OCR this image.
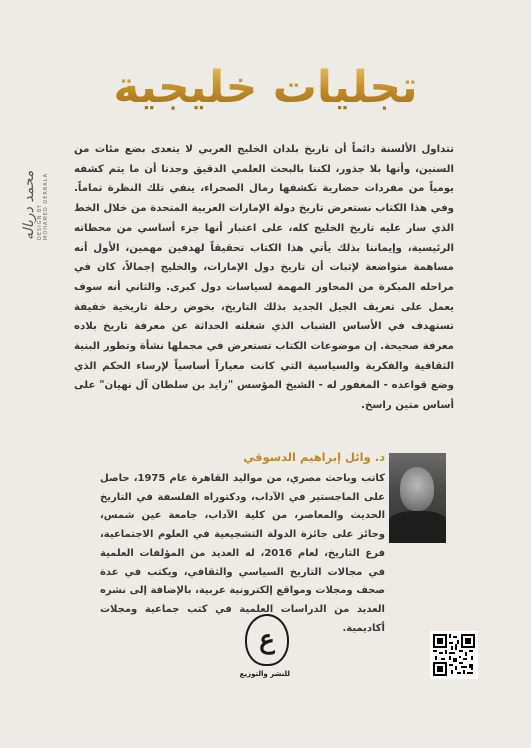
تجليات خليجية
محمد درباله DESIGN BY MOHAMED DERBALA

تتداول الألسنة دائماً أن تاريخ بلدان الخليج العربي لا يتعدى بضع مئات من السنين، وأنها بلا جذور، لكننا بالبحث العلمي الدقيق وجدنا أن ما يتم كشفه يومياً من مفردات حضارية تكشفها رمال الصحراء، ينفي تلك النظرة تماماً. وفي هذا الكتاب نستعرض تاريخ دولة الإمارات العربية المتحدة من خلال الخط الذي سار عليه تاريخ الخليج كله، على اعتبار أنها جزء أساسي من محطاته الرئيسية، وإيماننا بذلك يأتي هذا الكتاب تحقيقاً لهدفين مهمين، الأول أنه مساهمة متواضعة لإثبات أن تاريخ دول الإمارات، والخليج إجمالاً، كان في مراحله المبكرة من المحاور المهمة لسياسات دول كبرى. والثاني أنه سوف يعمل على تعريف الجيل الجديد بذلك التاريخ، بخوض رحلة تاريخية خفيفة تستهدف في الأساس الشباب الذي شغلته الحداثة عن معرفة تاريخ بلاده معرفة صحيحة. إن موضوعات الكتاب تستعرض في مجملها نشأة وتطور البنية الثقافية والفكرية والسياسية التي كانت معياراً أساسياً لإرساء الحكم الذي وضع قواعده - المغفور له - الشيخ المؤسس "زايد بن سلطان آل نهيان" على أساس متين راسخ.

د. وائل إبراهيم الدسوقي
كاتب وباحث مصري، من مواليد القاهرة عام 1975، حاصل على الماجستير في الآداب، ودكتوراه الفلسفة في التاريخ الحديث والمعاصر، من كلية الآداب، جامعة عين شمس، وحائز على جائزة الدولة التشجيعية في العلوم الاجتماعية، فرع التاريخ، لعام 2016، له العديد من المؤلفات العلمية في مجالات التاريخ السياسي والثقافي، ويكتب في عدة صحف ومجلات ومواقع إلكترونية عربية، بالإضافة إلى نشره العديد من الدراسات العلمية في كتب جماعية ومجلات أكاديمية.
ع
للنشر والتوزيع
